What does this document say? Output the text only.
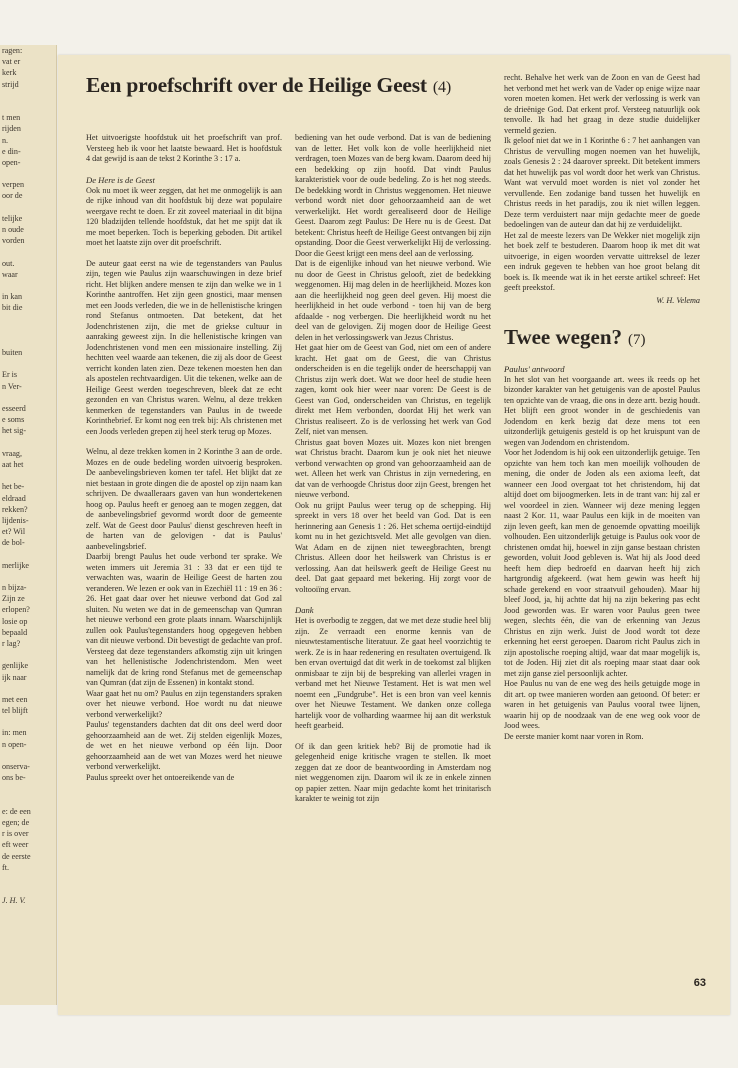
ragen:
vat er
kerk
strijd
t men
rijden
n.
e din-
open-
verpen
oor de
telijke
n oude
vorden
out.
waar
in kan
bit die
buiten
Er is
n Ver-
esseerd
e soms
het sig-
vraag,
aat het
het be-
eldraad
rekken?
lijdenis-
et? Wil
de bol-
merlijke
n bijza-
Zijn ze
erlopen?
losie op
bepaald
r lag?
genlijke
ijk naar
met een
tel blijft
in: men
n open-
onserva-
ons be-
e: de een
egen; de
r is over
eft weer
de eerste
ft.
J. H. V.
Een proefschrift over de Heilige Geest (4)

Het uitvoerigste hoofdstuk uit het proefschrift van prof. Versteeg heb ik voor het laatste bewaard. Het is hoofdstuk 4 dat gewijd is aan de tekst 2 Korinthe 3 : 17 a.

De Here is de Geest

Ook nu moet ik weer zeggen, dat het me onmogelijk is aan de rijke inhoud van dit hoofdstuk bij deze wat populaire weergave recht te doen. Er zit zoveel materiaal in dit bijna 120 bladzijden tellende hoofdstuk, dat het me spijt dat ik me moet beperken. Toch is beperking geboden. Dit artikel moet het laatste zijn over dit proefschrift.

De auteur gaat eerst na wie de tegenstanders van Paulus zijn, tegen wie Paulus zijn waarschuwingen in deze brief richt. Het blijken andere mensen te zijn dan welke we in 1 Korinthe aantroffen. Het zijn geen gnostici, maar mensen met een Joods verleden, die we in de hellenistische kringen rond Stefanus ontmoeten. Dat betekent, dat het Jodenchristenen zijn, die met de griekse cultuur in aanraking geweest zijn. In die hellenistische kringen van Jodenchristenen vond men een missionaire instelling. Zij hechtten veel waarde aan tekenen, die zij als door de Geest verricht konden laten zien. Deze tekenen moesten hen dan als apostelen rechtvaardigen. Uit die tekenen, welke aan de Heilige Geest werden toegeschreven, bleek dat ze echt gezonden en van Christus waren. Welnu, al deze trekken kenmerken de tegenstanders van Paulus in de tweede Korinthebrief. Er komt nog een trek bij: Als christenen met een Joods verleden grepen zij heel sterk terug op Mozes.

Welnu, al deze trekken komen in 2 Korinthe 3 aan de orde. Mozes en de oude bedeling worden uitvoerig besproken. De aanbevelingsbrieven komen ter tafel. Het blijkt dat ze niet bestaan in grote dingen die de apostel op zijn naam kan schrijven. De dwaalleraars gaven van hun wondertekenen hoog op. Paulus heeft er genoeg aan te mogen zeggen, dat de aanbevelingsbrief gevormd wordt door de gemeente zelf. Wat de Geest door Paulus' dienst geschreven heeft in de harten van de gelovigen - dat is Paulus' aanbevelingsbrief.

Daarbij brengt Paulus het oude verbond ter sprake. We weten immers uit Jeremia 31 : 33 dat er een tijd te verwachten was, waarin de Heilige Geest de harten zou veranderen. We lezen er ook van in Ezechiël 11 : 19 en 36 : 26. Het gaat daar over het nieuwe verbond dat God zal sluiten. Nu weten we dat in de gemeenschap van Qumran het nieuwe verbond een grote plaats innam. Waarschijnlijk zullen ook Paulus'tegenstanders hoog opgegeven hebben van dit nieuwe verbond. Dit bevestigt de gedachte van prof. Versteeg dat deze tegenstanders afkomstig zijn uit kringen van het hellenistische Jodenchristendom. Men weet namelijk dat de kring rond Stefanus met de gemeenschap van Qumran (dat zijn de Essenen) in kontakt stond.

Waar gaat het nu om? Paulus en zijn tegenstanders spraken over het nieuwe verbond. Hoe wordt nu dat nieuwe verbond verwerkelijkt?

Paulus' tegenstanders dachten dat dit ons deel werd door gehoorzaamheid aan de wet. Zij stelden eigenlijk Mozes, de wet en het nieuwe verbond op één lijn. Door gehoorzaamheid aan de wet van Mozes werd het nieuwe verbond verwerkelijkt.

Paulus spreekt over het ontoereikende van de

bediening van het oude verbond. Dat is van de bediening van de letter. Het volk kon de volle heerlijkheid niet verdragen, toen Mozes van de berg kwam. Daarom deed hij een bedekking op zijn hoofd. Dat vindt Paulus karakteristiek voor de oude bedeling. Zo is het nog steeds. De bedekking wordt in Christus weggenomen. Het nieuwe verbond wordt niet door gehoorzaamheid aan de wet verwerkelijkt. Het wordt gerealiseerd door de Heilige Geest. Daarom zegt Paulus: De Here nu is de Geest. Dat betekent: Christus heeft de Heilige Geest ontvangen bij zijn opstanding. Door die Geest verwerkelijkt Hij de verlossing. Door die Geest krijgt een mens deel aan de verlossing.

Dat is de eigenlijke inhoud van het nieuwe verbond. Wie nu door de Geest in Christus gelooft, ziet de bedekking weggenomen. Hij mag delen in de heerlijkheid. Mozes kon aan die heerlijkheid nog geen deel geven. Hij moest die heerlijkheid in het oude verbond - toen hij van de berg afdaalde - nog verbergen. Die heerlijkheid wordt nu het deel van de gelovigen. Zij mogen door de Heilige Geest delen in het verlossingswerk van Jezus Christus.

Het gaat hier om de Geest van God, niet om een of andere kracht. Het gaat om de Geest, die van Christus onderscheiden is en die tegelijk onder de heerschappij van Christus zijn werk doet. Wat we door heel de studie heen zagen, komt ook hier weer naar voren: De Geest is de Geest van God, onderscheiden van Christus, en tegelijk direkt met Hem verbonden, doordat Hij het werk van Christus realiseert. Zo is de verlossing het werk van God Zelf, niet van mensen.

Christus gaat boven Mozes uit. Mozes kon niet brengen wat Christus bracht. Daarom kun je ook niet het nieuwe verbond verwachten op grond van gehoorzaamheid aan de wet. Alleen het werk van Christus in zijn vernedering, en dat van de verhoogde Christus door zijn Geest, brengen het nieuwe verbond.

Ook nu grijpt Paulus weer terug op de schepping. Hij spreekt in vers 18 over het beeld van God. Dat is een herinnering aan Genesis 1 : 26. Het schema oertijd-eindtijd komt nu in het gezichtsveld. Met alle gevolgen van dien. Wat Adam en de zijnen niet teweegbrachten, brengt Christus. Alleen door het heilswerk van Christus is er verlossing. Aan dat heilswerk geeft de Heilige Geest nu deel. Dat gaat gepaard met bekering. Hij zorgt voor de voltooiïng ervan.

Dank

Het is overbodig te zeggen, dat we met deze studie heel blij zijn. Ze verraadt een enorme kennis van de nieuwtestamentische literatuur. Ze gaat heel voorzichtig te werk. Ze is in haar redenering en resultaten overtuigend. Ik ben ervan overtuigd dat dit werk in de toekomst zal blijken onmisbaar te zijn bij de bespreking van allerlei vragen in verband met het Nieuwe Testament. Het is wat men wel noemt een „Fundgrube". Het is een bron van veel kennis over het Nieuwe Testament. We danken onze collega hartelijk voor de volharding waarmee hij aan dit werkstuk heeft gearbeid.

Of ik dan geen kritiek heb? Bij de promotie had ik gelegenheid enige kritische vragen te stellen. Ik moet zeggen dat ze door de beantwoording in Amsterdam nog niet weggenomen zijn. Daarom wil ik ze in enkele zinnen op papier zetten. Naar mijn gedachte komt het trinitarisch karakter te weinig tot zijn

recht. Behalve het werk van de Zoon en van de Geest had het verbond met het werk van de Vader op enige wijze naar voren moeten komen. Het werk der verlossing is werk van de drieënige God. Dat erkent prof. Versteeg natuurlijk ook tenvolle. Ik had het graag in deze studie duidelijker vermeld gezien.

Ik geloof niet dat we in 1 Korinthe 6 : 7 het aanhangen van Christus de vervulling mogen noemen van het huwelijk, zoals Genesis 2 : 24 daarover spreekt. Dit betekent immers dat het huwelijk pas vol wordt door het werk van Christus. Want wat vervuld moet worden is niet vol zonder het vervullende. Een zodanige band tussen het huwelijk en Christus reeds in het paradijs, zou ik niet willen leggen. Deze term verduistert naar mijn gedachte meer de goede bedoelingen van de auteur dan dat hij ze verduidelijkt.

Het zal de meeste lezers van De Wekker niet mogelijk zijn het boek zelf te bestuderen. Daarom hoop ik met dit wat uitvoerige, in eigen woorden vervatte uittreksel de lezer een indruk gegeven te hebben van hoe groot belang dit boek is. Ik meende wat ik in het eerste artikel schreef: Het geeft preekstof.

W. H. Velema

Twee wegen? (7)

Paulus' antwoord

In het slot van het voorgaande art. wees ik reeds op het bizonder karakter van het getuigenis van de apostel Paulus ten opzichte van de vraag, die ons in deze artt. bezig houdt. Het blijft een groot wonder in de geschiedenis van Jodendom en kerk bezig dat deze mens tot een uitzonderlijk getuigenis gesteld is op het kruispunt van de wegen van Jodendom en christendom.

Voor het Jodendom is hij ook een uitzonderlijk getuige. Ten opzichte van hem toch kan men moeilijk volhouden de mening, die onder de Joden als een axioma leeft, dat wanneer een Jood overgaat tot het christendom, hij dat altijd doet om bijoogmerken. Iets in de trant van: hij zal er wel voordeel in zien. Wanneer wij deze mening leggen naast 2 Kor. 11, waar Paulus een kijk in de moeiten van zijn leven geeft, kan men de genoemde opvatting moeilijk volhouden. Een uitzonderlijk getuige is Paulus ook voor de christenen omdat hij, hoewel in zijn ganse bestaan christen geworden, voluit Jood gebleven is. Wat hij als Jood deed heeft hem diep bedroefd en daarvan heeft hij zich hartgrondig afgekeerd. (wat hem gewin was heeft hij schade gerekend en voor straatvuil gehouden). Maar hij bleef Jood, ja, hij achtte dat hij na zijn bekering pas echt Jood geworden was. Er waren voor Paulus geen twee wegen, slechts één, die van de erkenning van Jezus Christus en zijn werk. Juist de Jood wordt tot deze erkenning het eerst geroepen. Daarom richt Paulus zich in zijn apostolische roeping altijd, waar dat maar mogelijk is, tot de Joden. Hij ziet dit als roeping maar staat daar ook met zijn ganse ziel persoonlijk achter.

Hoe Paulus nu van de ene weg des heils getuigde moge in dit art. op twee manieren worden aan getoond. Of beter: er waren in het getuigenis van Paulus vooral twee lijnen, waarin hij op de noodzaak van de ene weg ook voor de Jood wees.

De eerste manier komt naar voren in Rom.

63
